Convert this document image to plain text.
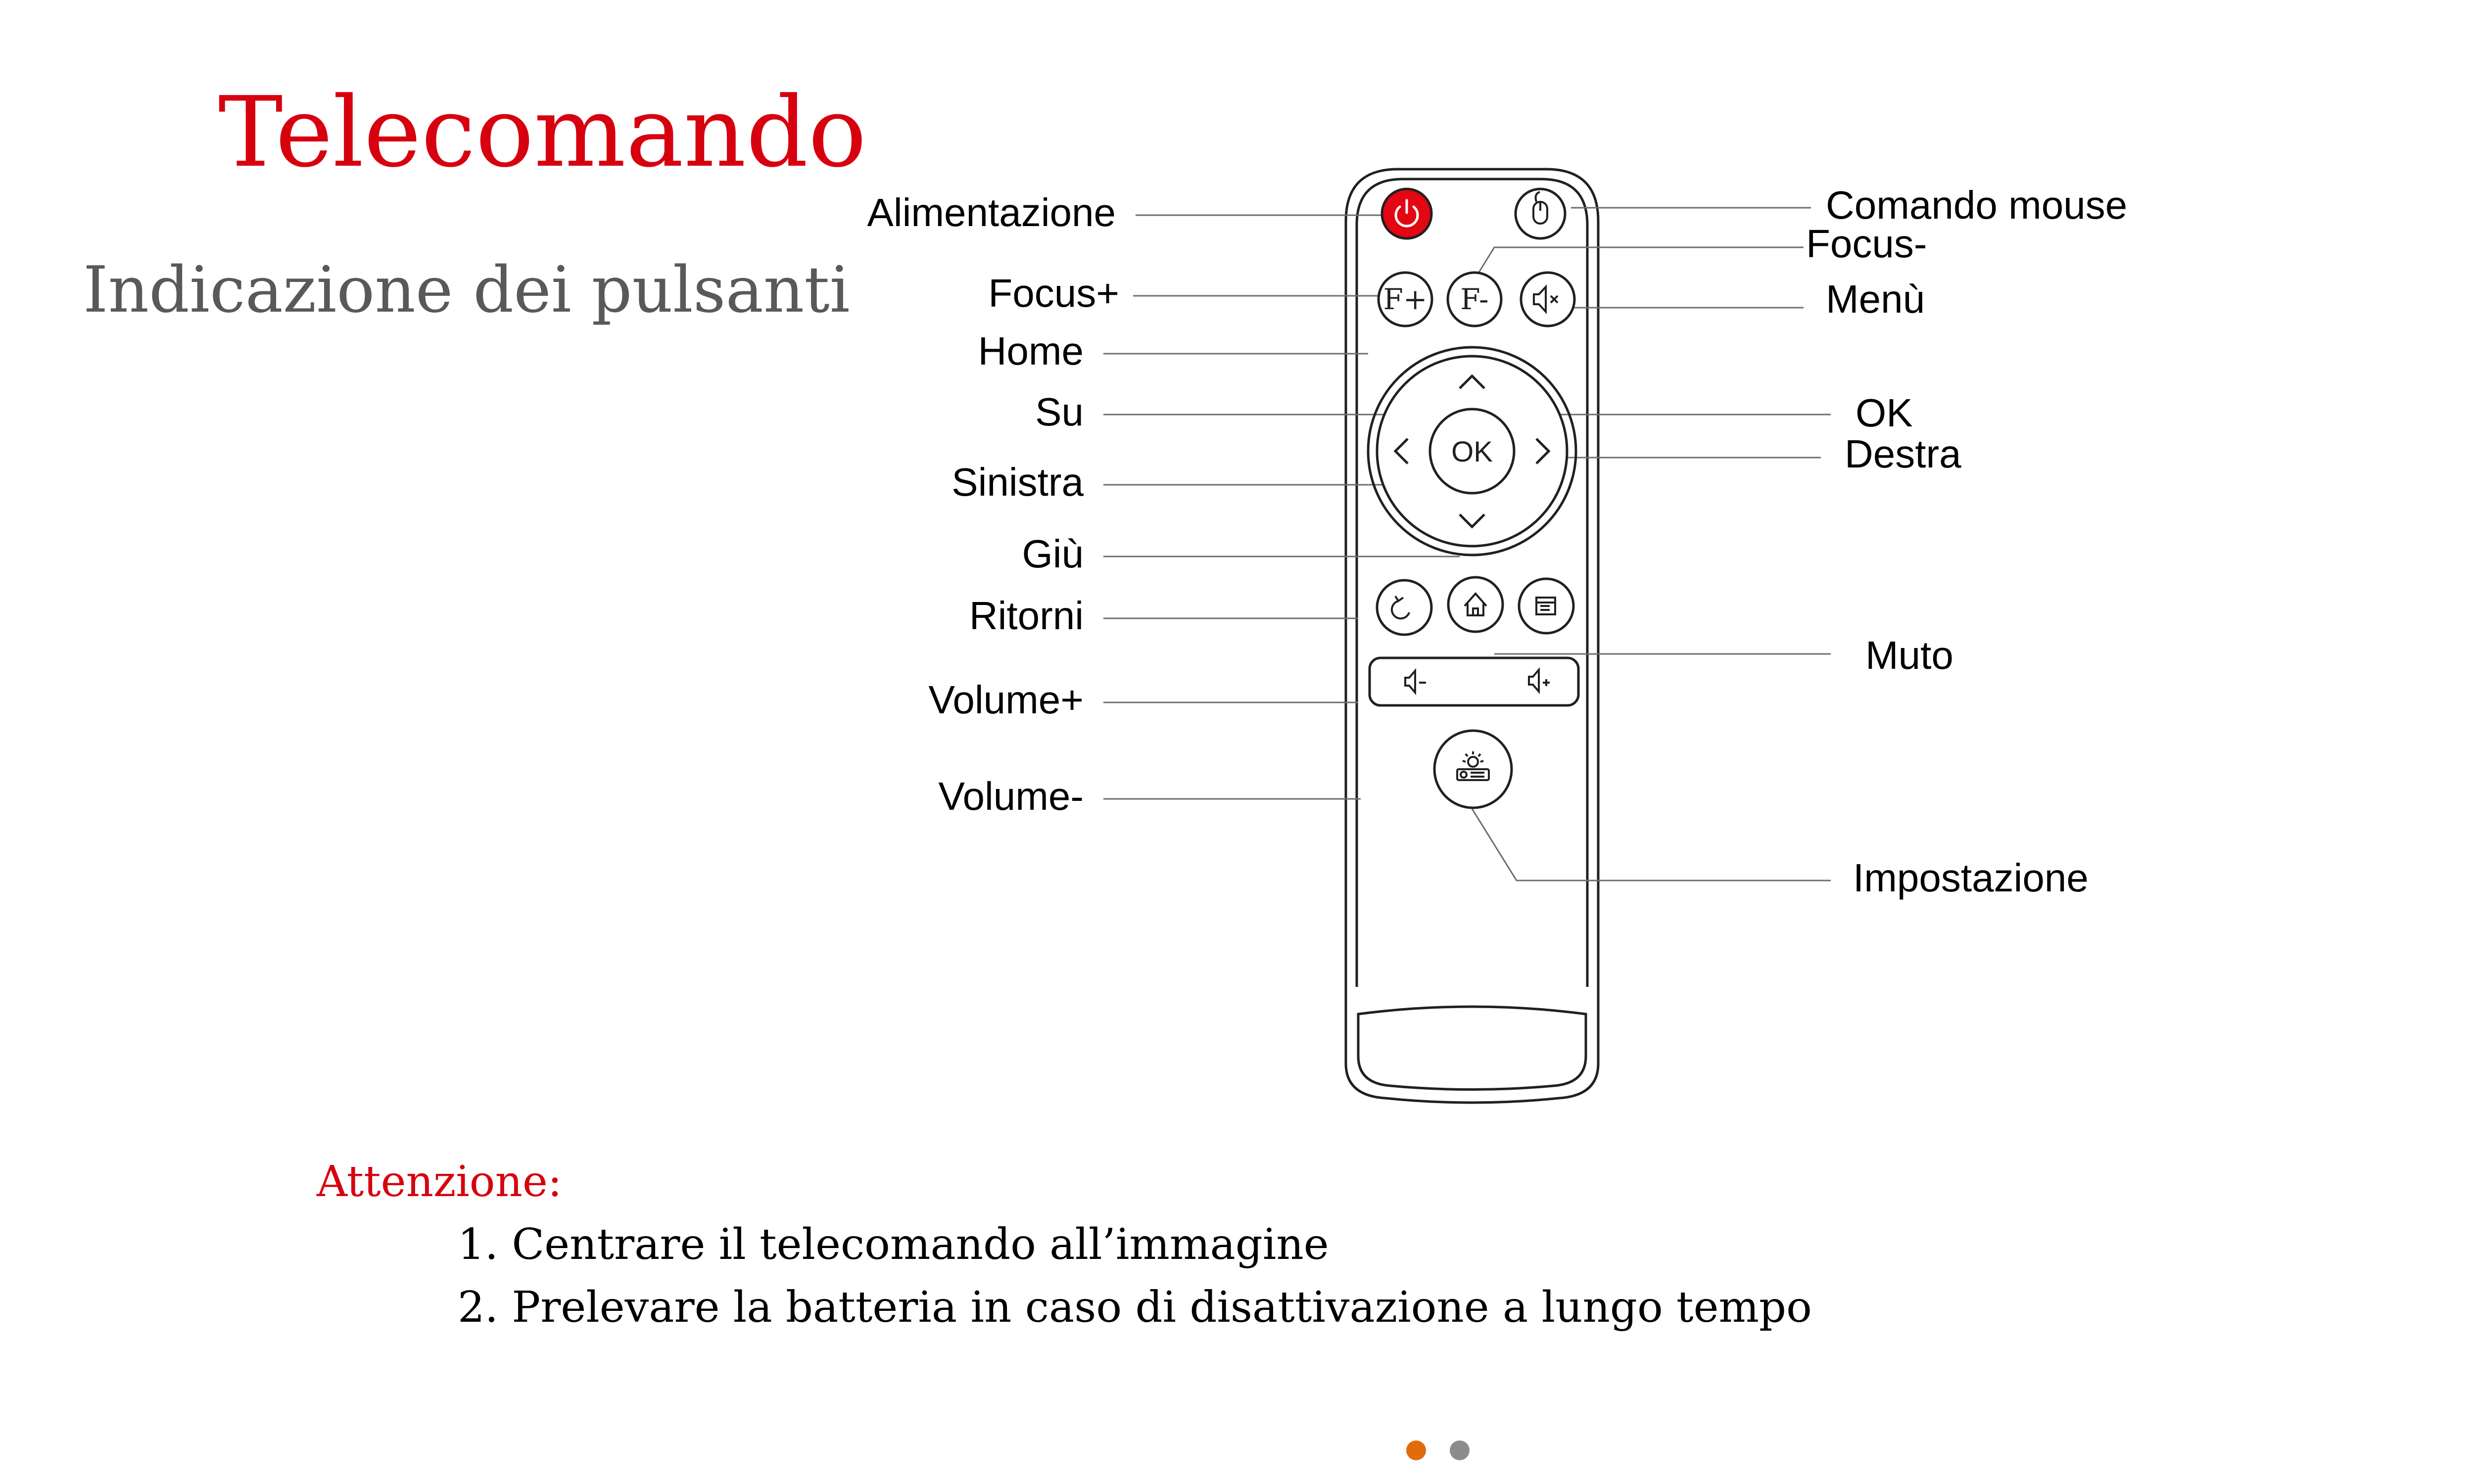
Telecomando
Indicazione dei pulsanti	F+ F-
OK
Alimentazione
Focus+
Home
Su
Sinistra
Giù
Ritorni
Volume+
Volume-
Comando mouse
Focus-
Menù
OK
Destra
Muto
Impostazione
Attenzione:
1. Centrare il telecomando all’immagine
2. Prelevare la batteria in caso di disattivazione a lungo tempo
